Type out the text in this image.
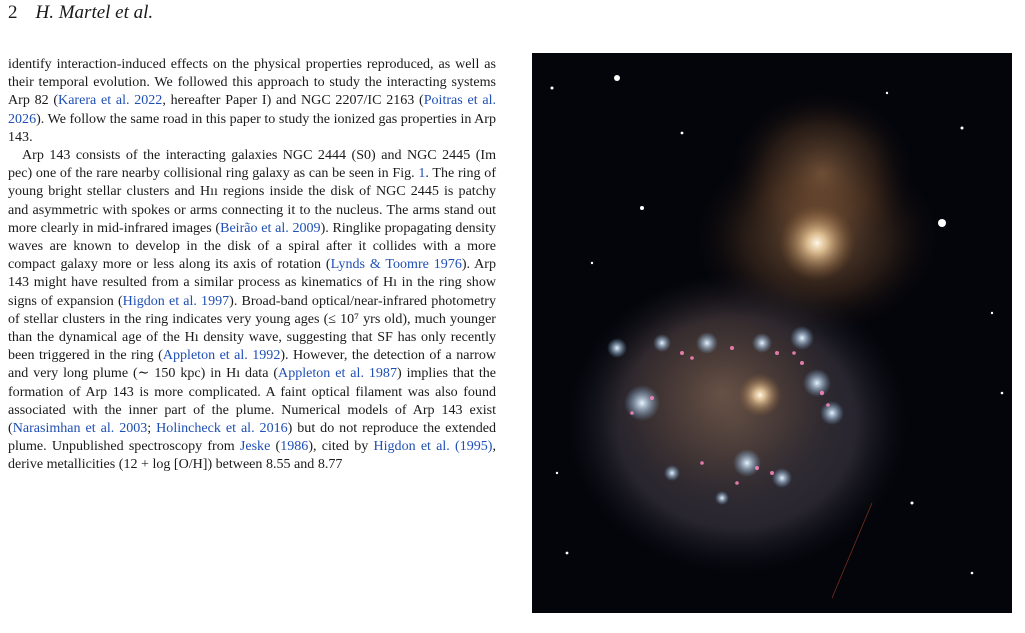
2 H. Martel et al.

identify interaction-induced effects on the physical properties reproduced, as well as their temporal evolution. We followed this approach to study the interacting systems Arp 82 (Karera et al. 2022, hereafter Paper I) and NGC 2207/IC 2163 (Poitras et al. 2026). We follow the same road in this paper to study the ionized gas properties in Arp 143.

Arp 143 consists of the interacting galaxies NGC 2444 (S0) and NGC 2445 (Im pec) one of the rare nearby collisional ring galaxy as can be seen in Fig. 1. The ring of young bright stellar clusters and Hıı regions inside the disk of NGC 2445 is patchy and asymmetric with spokes or arms connecting it to the nucleus. The arms stand out more clearly in mid-infrared images (Beirão et al. 2009). Ringlike propagating density waves are known to develop in the disk of a spiral after it collides with a more compact galaxy more or less along its axis of rotation (Lynds & Toomre 1976). Arp 143 might have resulted from a similar process as kinematics of Hı in the ring show signs of expansion (Higdon et al. 1997). Broad-band optical/near-infrared photometry of stellar clusters in the ring indicates very young ages (≤ 10⁷ yrs old), much younger than the dynamical age of the Hı density wave, suggesting that SF has only recently been triggered in the ring (Appleton et al. 1992). However, the detection of a narrow and very long plume (∼ 150 kpc) in Hı data (Appleton et al. 1987) implies that the formation of Arp 143 is more complicated. A faint optical filament was also found associated with the inner part of the plume. Numerical models of Arp 143 exist (Narasimhan et al. 2003; Holincheck et al. 2016) but do not reproduce the extended plume. Unpublished spectroscopy from Jeske (1986), cited by Higdon et al. (1995), derive metallicities (12 + log [O/H]) between 8.55 and 8.77
